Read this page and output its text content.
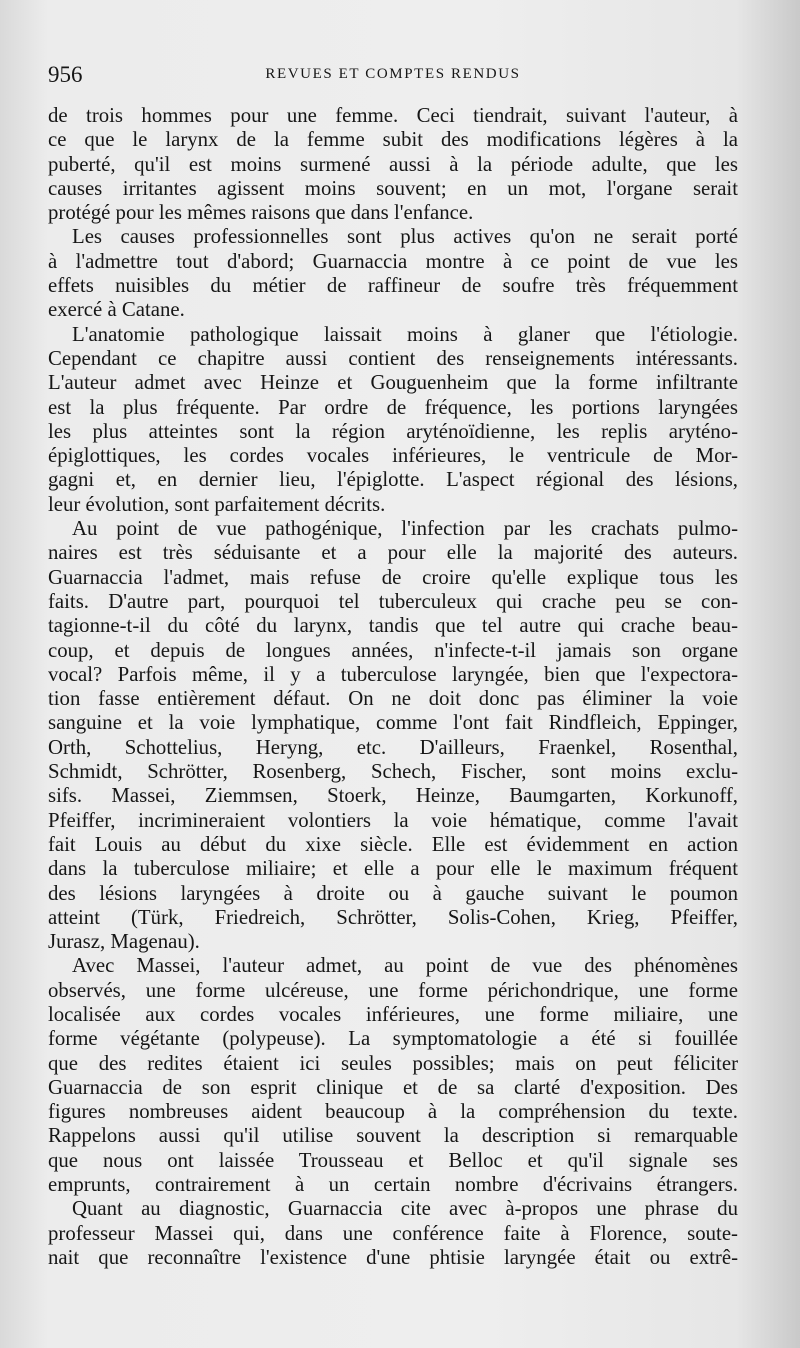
956	REVUES ET COMPTES RENDUS
de trois hommes pour une femme. Ceci tiendrait, suivant l'auteur, à
ce que le larynx de la femme subit des modifications légères à la
puberté, qu'il est moins surmené aussi à la période adulte, que les
causes irritantes agissent moins souvent; en un mot, l'organe serait
protégé pour les mêmes raisons que dans l'enfance.
Les causes professionnelles sont plus actives qu'on ne serait porté
à l'admettre tout d'abord; Guarnaccia montre à ce point de vue les
effets nuisibles du métier de raffineur de soufre très fréquemment
exercé à Catane.
L'anatomie pathologique laissait moins à glaner que l'étiologie.
Cependant ce chapitre aussi contient des renseignements intéressants.
L'auteur admet avec Heinze et Gouguenheim que la forme infiltrante
est la plus fréquente. Par ordre de fréquence, les portions laryngées
les plus atteintes sont la région aryténoïdienne, les replis aryténo-
épiglottiques, les cordes vocales inférieures, le ventricule de Mor-
gagni et, en dernier lieu, l'épiglotte. L'aspect régional des lésions,
leur évolution, sont parfaitement décrits.
Au point de vue pathogénique, l'infection par les crachats pulmo-
naires est très séduisante et a pour elle la majorité des auteurs.
Guarnaccia l'admet, mais refuse de croire qu'elle explique tous les
faits. D'autre part, pourquoi tel tuberculeux qui crache peu se con-
tagionne-t-il du côté du larynx, tandis que tel autre qui crache beau-
coup, et depuis de longues années, n'infecte-t-il jamais son organe
vocal? Parfois même, il y a tuberculose laryngée, bien que l'expectora-
tion fasse entièrement défaut. On ne doit donc pas éliminer la voie
sanguine et la voie lymphatique, comme l'ont fait Rindfleich, Eppinger,
Orth, Schottelius, Heryng, etc. D'ailleurs, Fraenkel, Rosenthal,
Schmidt, Schrötter, Rosenberg, Schech, Fischer, sont moins exclu-
sifs. Massei, Ziemmsen, Stoerk, Heinze, Baumgarten, Korkunoff,
Pfeiffer, incrimineraient volontiers la voie hématique, comme l'avait
fait Louis au début du xixe siècle. Elle est évidemment en action
dans la tuberculose miliaire; et elle a pour elle le maximum fréquent
des lésions laryngées à droite ou à gauche suivant le poumon
atteint (Türk, Friedreich, Schrötter, Solis-Cohen, Krieg, Pfeiffer,
Jurasz, Magenau).
Avec Massei, l'auteur admet, au point de vue des phénomènes
observés, une forme ulcéreuse, une forme périchondrique, une forme
localisée aux cordes vocales inférieures, une forme miliaire, une
forme végétante (polypeuse). La symptomatologie a été si fouillée
que des redites étaient ici seules possibles; mais on peut féliciter
Guarnaccia de son esprit clinique et de sa clarté d'exposition. Des
figures nombreuses aident beaucoup à la compréhension du texte.
Rappelons aussi qu'il utilise souvent la description si remarquable
que nous ont laissée Trousseau et Belloc et qu'il signale ses
emprunts, contrairement à un certain nombre d'écrivains étrangers.
Quant au diagnostic, Guarnaccia cite avec à-propos une phrase du
professeur Massei qui, dans une conférence faite à Florence, soute-
nait que reconnaître l'existence d'une phtisie laryngée était ou extrê-
